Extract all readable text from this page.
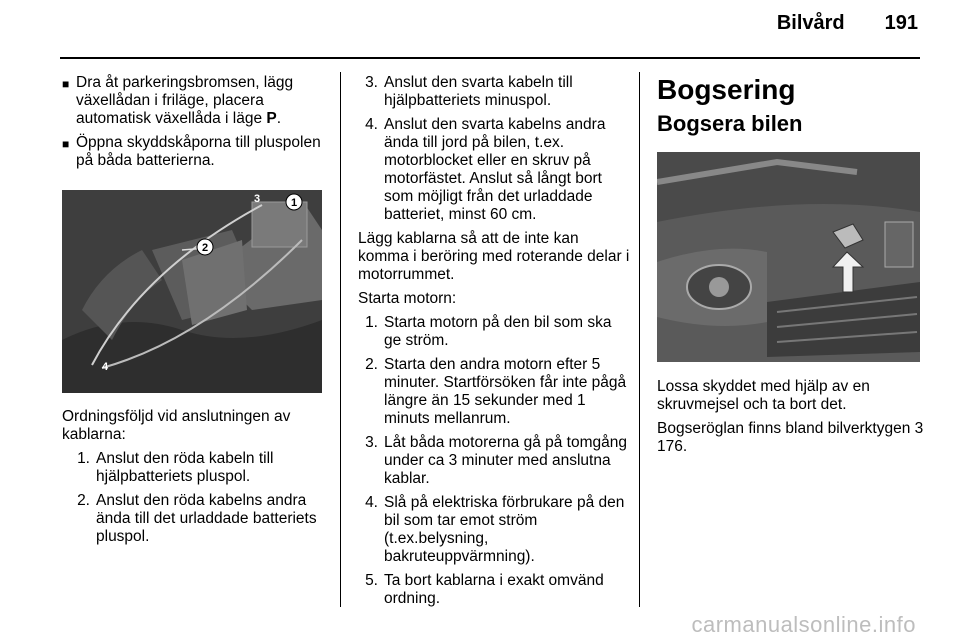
Bilvård 191
■ Dra åt parkeringsbromsen, lägg växellådan i friläge, placera automatisk växellåda i läge P.
■ Öppna skyddskåporna till pluspolen på båda batterierna.
1
3
2
4

Ordningsföljd vid anslutningen av kablarna:

1. Anslut den röda kabeln till hjälpbatteriets pluspol.
2. Anslut den röda kabelns andra ända till det urladdade batteriets pluspol.
3. Anslut den svarta kabeln till hjälpbatteriets minuspol.
4. Anslut den svarta kabelns andra ända till jord på bilen, t.ex. motorblocket eller en skruv på motorfästet. Anslut så långt bort som möjligt från det urladdade batteriet, minst 60 cm.

Lägg kablarna så att de inte kan komma i beröring med roterande delar i motorrummet.

Starta motorn:

1. Starta motorn på den bil som ska ge ström.
2. Starta den andra motorn efter 5 minuter. Startförsöken får inte pågå längre än 15 sekunder med 1 minuts mellanrum.
3. Låt båda motorerna gå på tomgång under ca 3 minuter med anslutna kablar.
4. Slå på elektriska förbrukare på den bil som tar emot ström (t.ex.belysning, bakruteuppvärmning).
5. Ta bort kablarna i exakt omvänd ordning.
Bogsering
Bogsera bilen

Lossa skyddet med hjälp av en skruvmejsel och ta bort det.

Bogseröglan finns bland bilverktygen 3 176.

carmanualsonline.info
